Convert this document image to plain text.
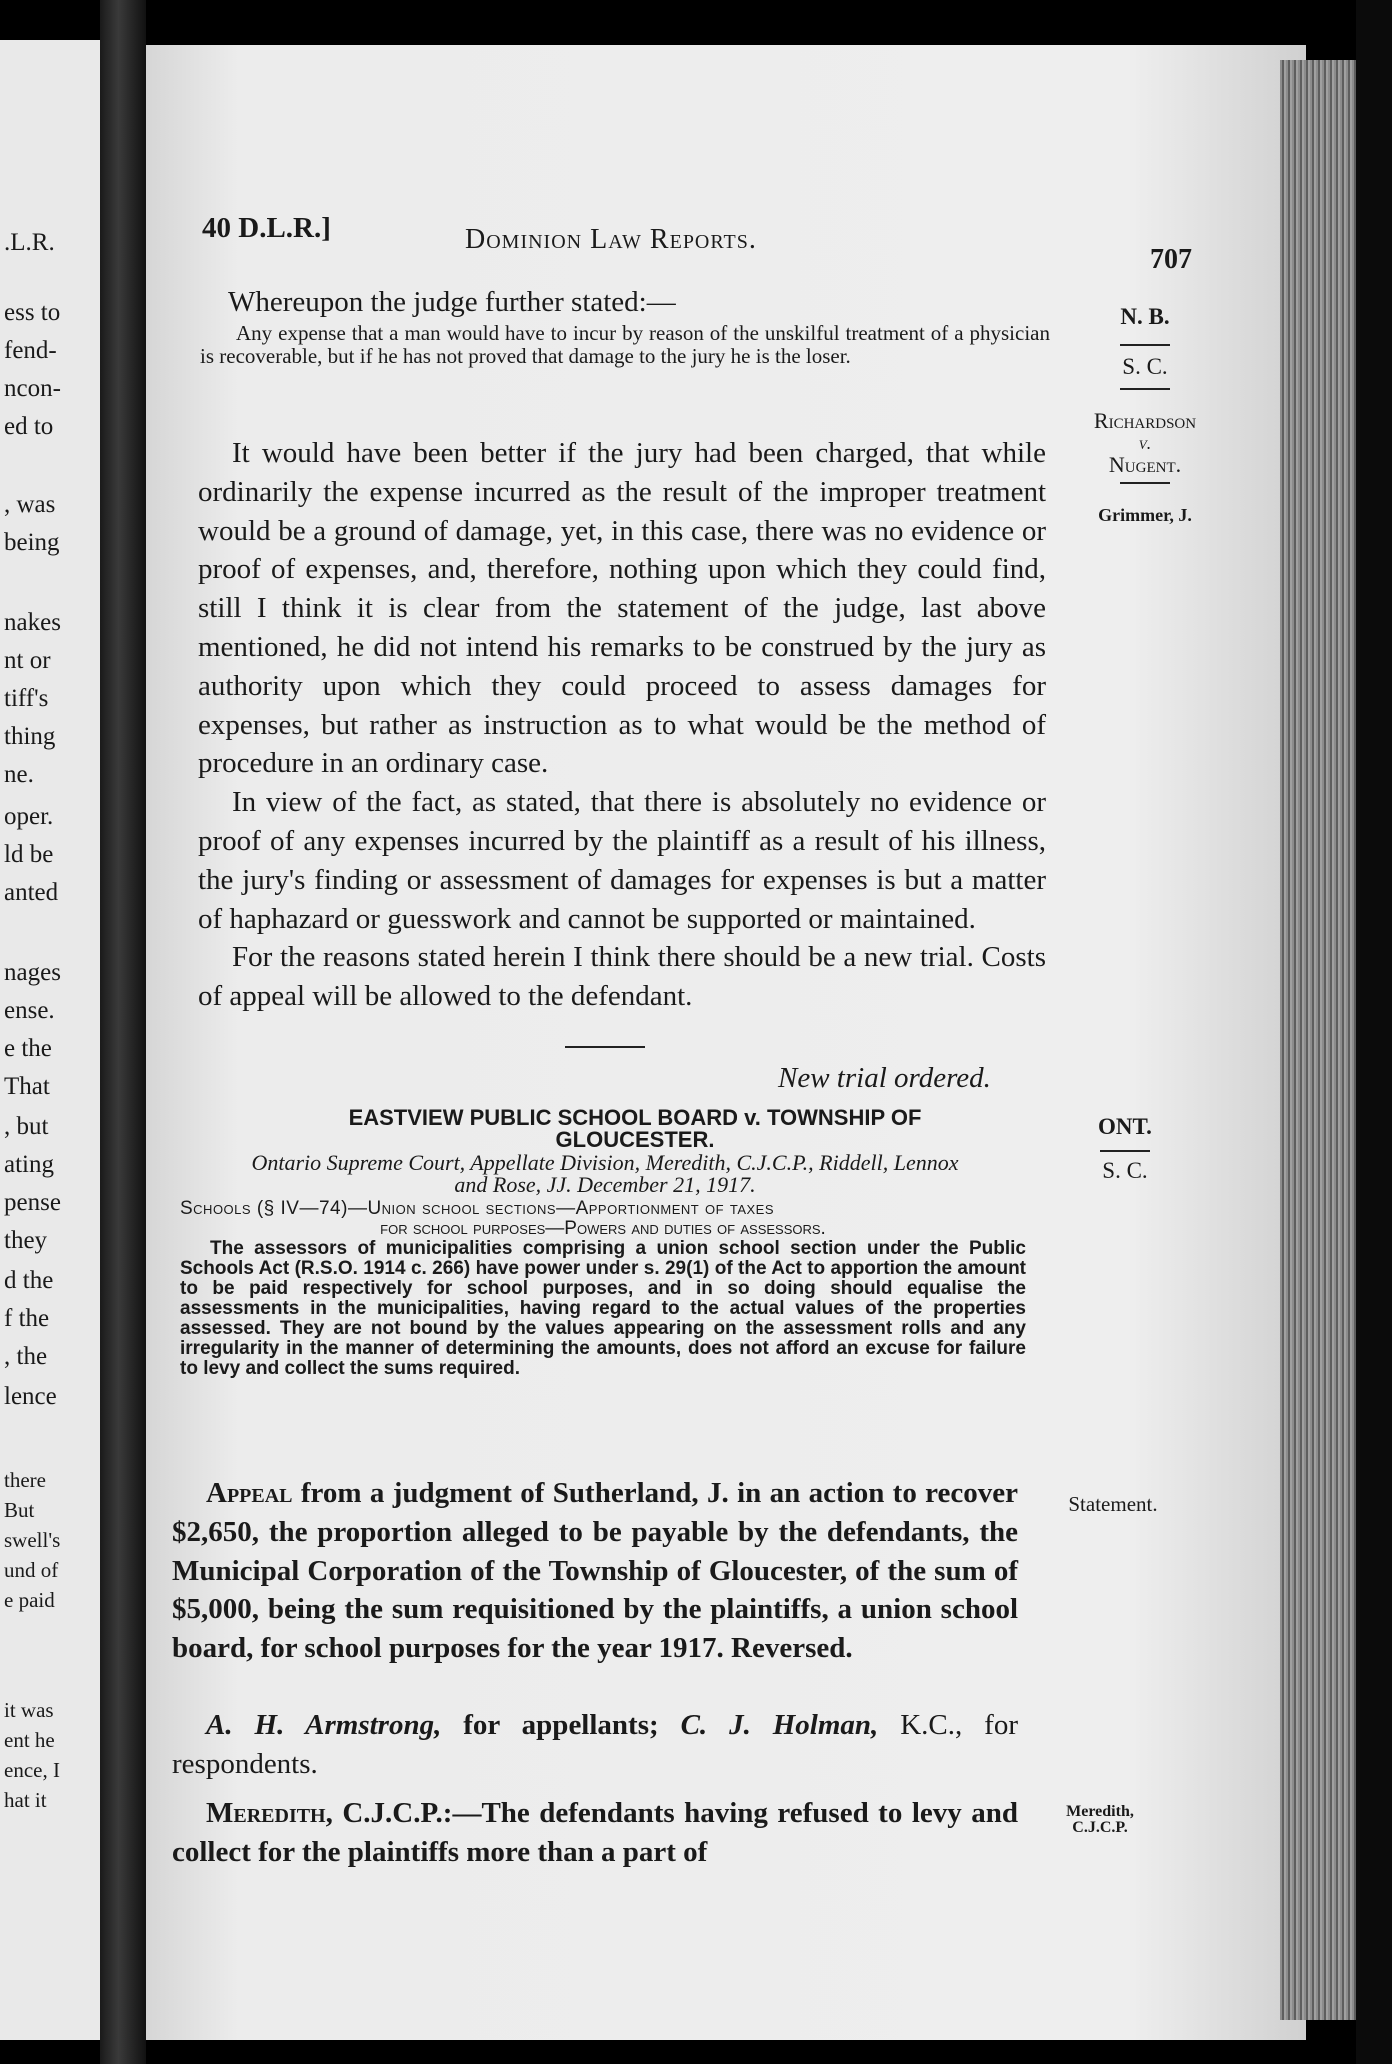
.L.R.
ess to
fend-
ncon-
ed to
, was
being
nakes
nt or
tiff's
thing
ne.
oper.
ld be
anted
nages
ense.
e the
That
, but
ating
pense
they
d the
f the
, the
lence
there
But
swell's
und of
e paid
it was
ent he
ence, I
hat it
40 D.L.R.]	Dominion Law Reports.
707
Whereupon the judge further stated:—
Any expense that a man would have to incur by reason of the unskilful treatment of a physician is recoverable, but if he has not proved that damage to the jury he is the loser.

It would have been better if the jury had been charged, that while ordinarily the expense incurred as the result of the improper treatment would be a ground of damage, yet, in this case, there was no evidence or proof of expenses, and, therefore, nothing upon which they could find, still I think it is clear from the statement of the judge, last above mentioned, he did not intend his remarks to be construed by the jury as authority upon which they could proceed to assess damages for expenses, but rather as instruction as to what would be the method of procedure in an ordinary case.

In view of the fact, as stated, that there is absolutely no evidence or proof of any expenses incurred by the plaintiff as a result of his illness, the jury's finding or assessment of damages for expenses is but a matter of haphazard or guesswork and cannot be supported or maintained.

For the reasons stated herein I think there should be a new trial. Costs of appeal will be allowed to the defendant.

New trial ordered.
N. B.
S. C.
Richardson
v.
Nugent.
Grimmer, J.
ONT.
S. C.
Statement.
Meredith,
C.J.C.P.
EASTVIEW PUBLIC SCHOOL BOARD v. TOWNSHIP OF
GLOUCESTER.
Ontario Supreme Court, Appellate Division, Meredith, C.J.C.P., Riddell, Lennox
and Rose, JJ. December 21, 1917.
Schools (§ IV—74)—Union school sections—Apportionment of taxes
for school purposes—Powers and duties of assessors.
The assessors of municipalities comprising a union school section under the Public Schools Act (R.S.O. 1914 c. 266) have power under s. 29(1) of the Act to apportion the amount to be paid respectively for school purposes, and in so doing should equalise the assessments in the municipalities, having regard to the actual values of the properties assessed. They are not bound by the values appearing on the assessment rolls and any irregularity in the manner of determining the amounts, does not afford an excuse for failure to levy and collect the sums required.
Appeal from a judgment of Sutherland, J. in an action to recover $2,650, the proportion alleged to be payable by the defendants, the Municipal Corporation of the Township of Gloucester, of the sum of $5,000, being the sum requisitioned by the plaintiffs, a union school board, for school purposes for the year 1917. Reversed.
A. H. Armstrong, for appellants; C. J. Holman, K.C., for respondents.
Meredith, C.J.C.P.:—The defendants having refused to levy and collect for the plaintiffs more than a part of
